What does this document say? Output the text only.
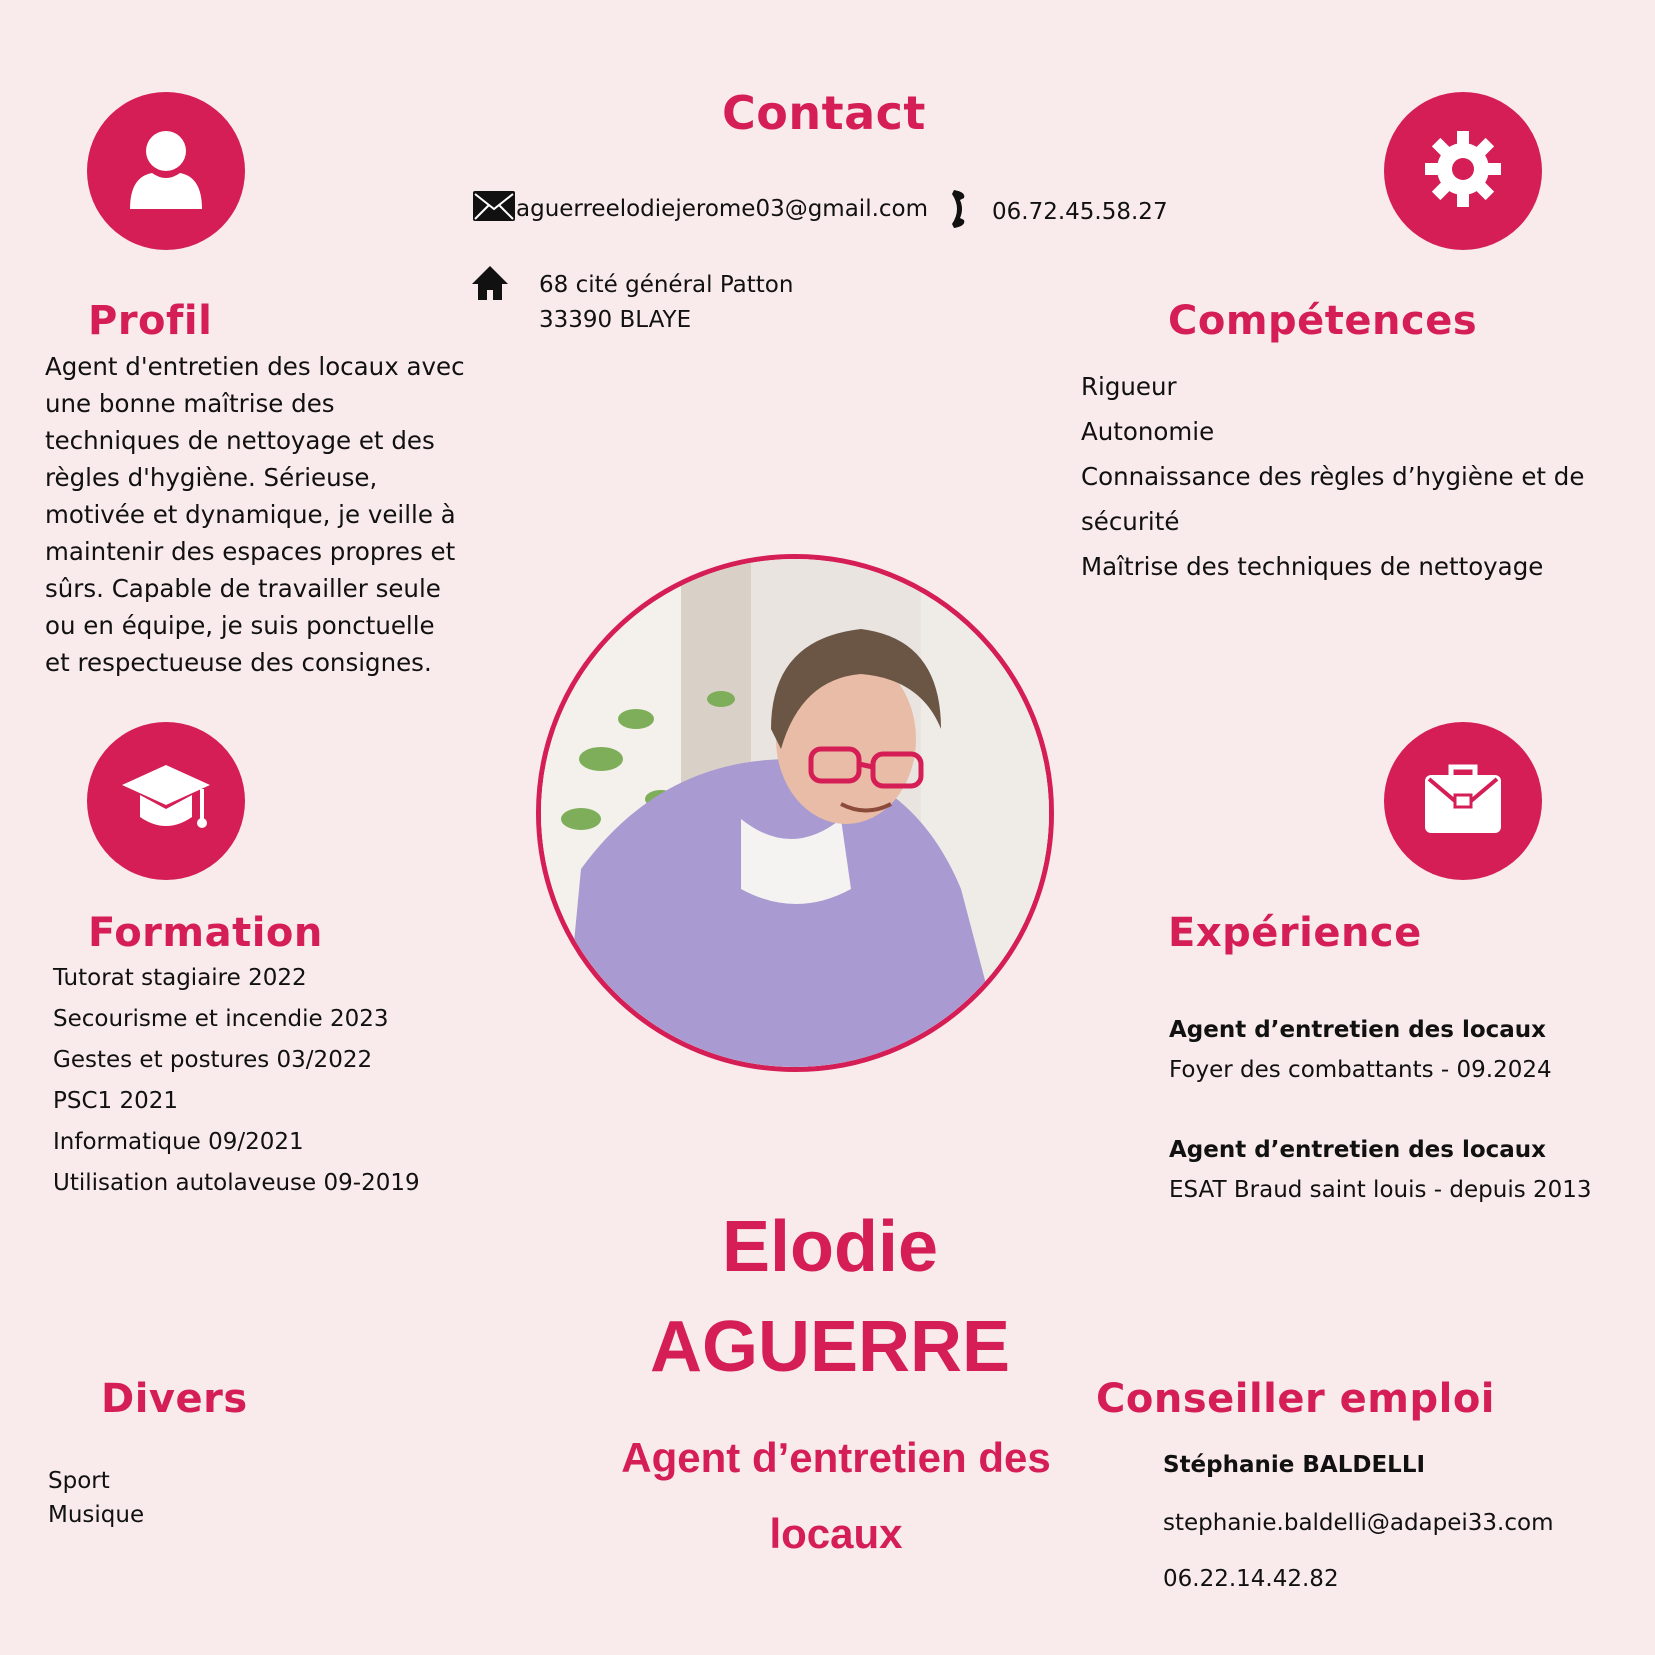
Contact
aguerreelodiejerome03@gmail.com	06.72.45.58.27
68 cité général Patton
33390 BLAYE
Profil
Agent d'entretien des locaux avec une bonne maîtrise des techniques de nettoyage et des règles d'hygiène. Sérieuse, motivée et dynamique, je veille à maintenir des espaces propres et sûrs. Capable de travailler seule ou en équipe, je suis ponctuelle et respectueuse des consignes.
Compétences
Rigueur
Autonomie
Connaissance des règles d’hygiène et de sécurité
Maîtrise des techniques de nettoyage
Formation
Tutorat stagiaire 2022
Secourisme et incendie 2023
Gestes et postures 03/2022
PSC1 2021
Informatique 09/2021
Utilisation autolaveuse 09-2019
Expérience
Agent d’entretien des locaux
Foyer des combattants - 09.2024
Agent d’entretien des locaux
ESAT Braud saint louis - depuis 2013
Elodie
AGUERRE
Agent d’entretien des
locaux
Divers
Sport
Musique
Conseiller emploi
Stéphanie BALDELLI
stephanie.baldelli@adapei33.com
06.22.14.42.82
